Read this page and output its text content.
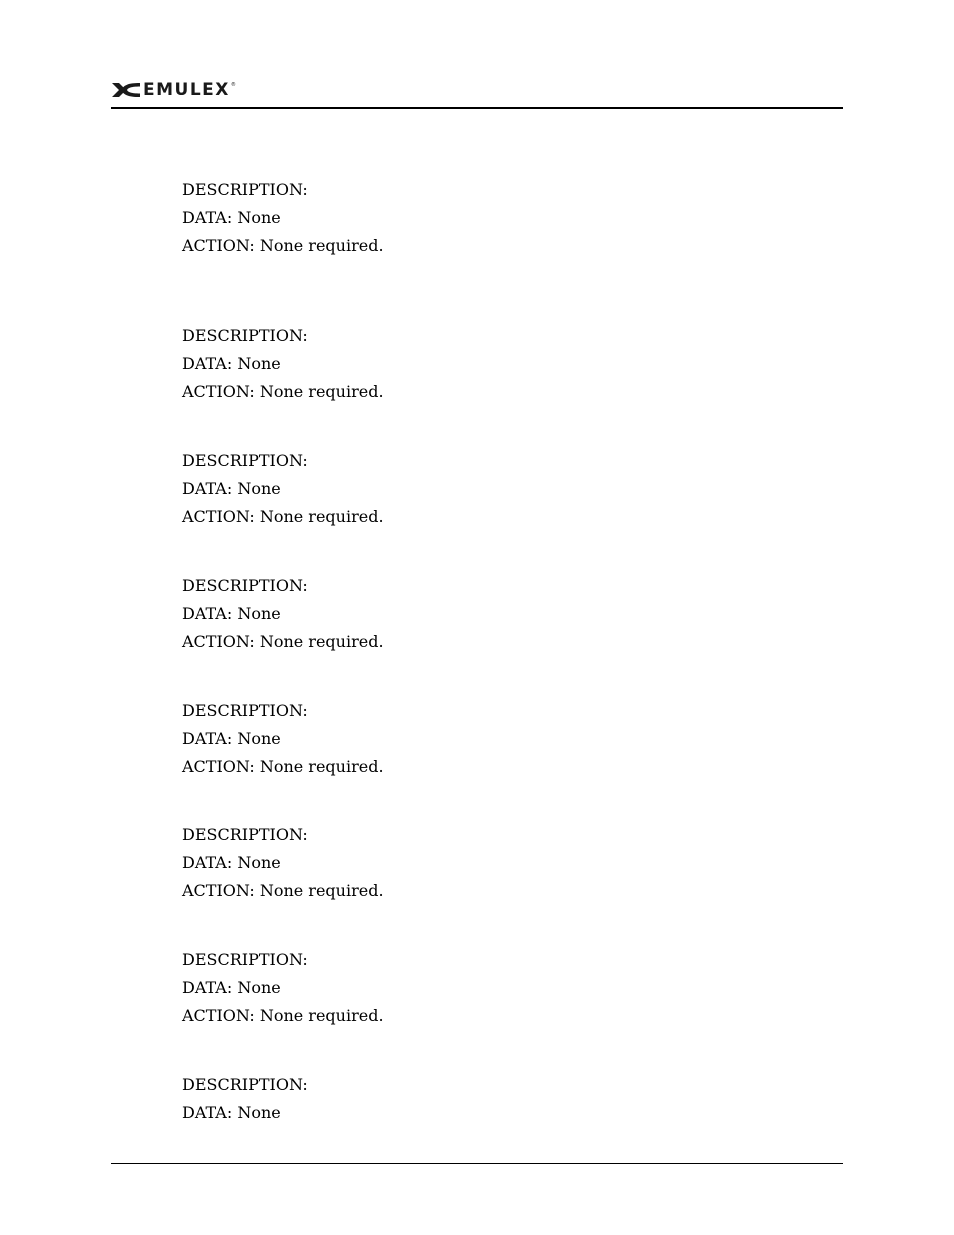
EMULEX ®
DESCRIPTION:
DATA: None
ACTION: None required.
DESCRIPTION:
DATA: None
ACTION: None required.
DESCRIPTION:
DATA: None
ACTION: None required.
DESCRIPTION:
DATA: None
ACTION: None required.
DESCRIPTION:
DATA: None
ACTION: None required.
DESCRIPTION:
DATA: None
ACTION: None required.
DESCRIPTION:
DATA: None
ACTION: None required.
DESCRIPTION:
DATA: None
